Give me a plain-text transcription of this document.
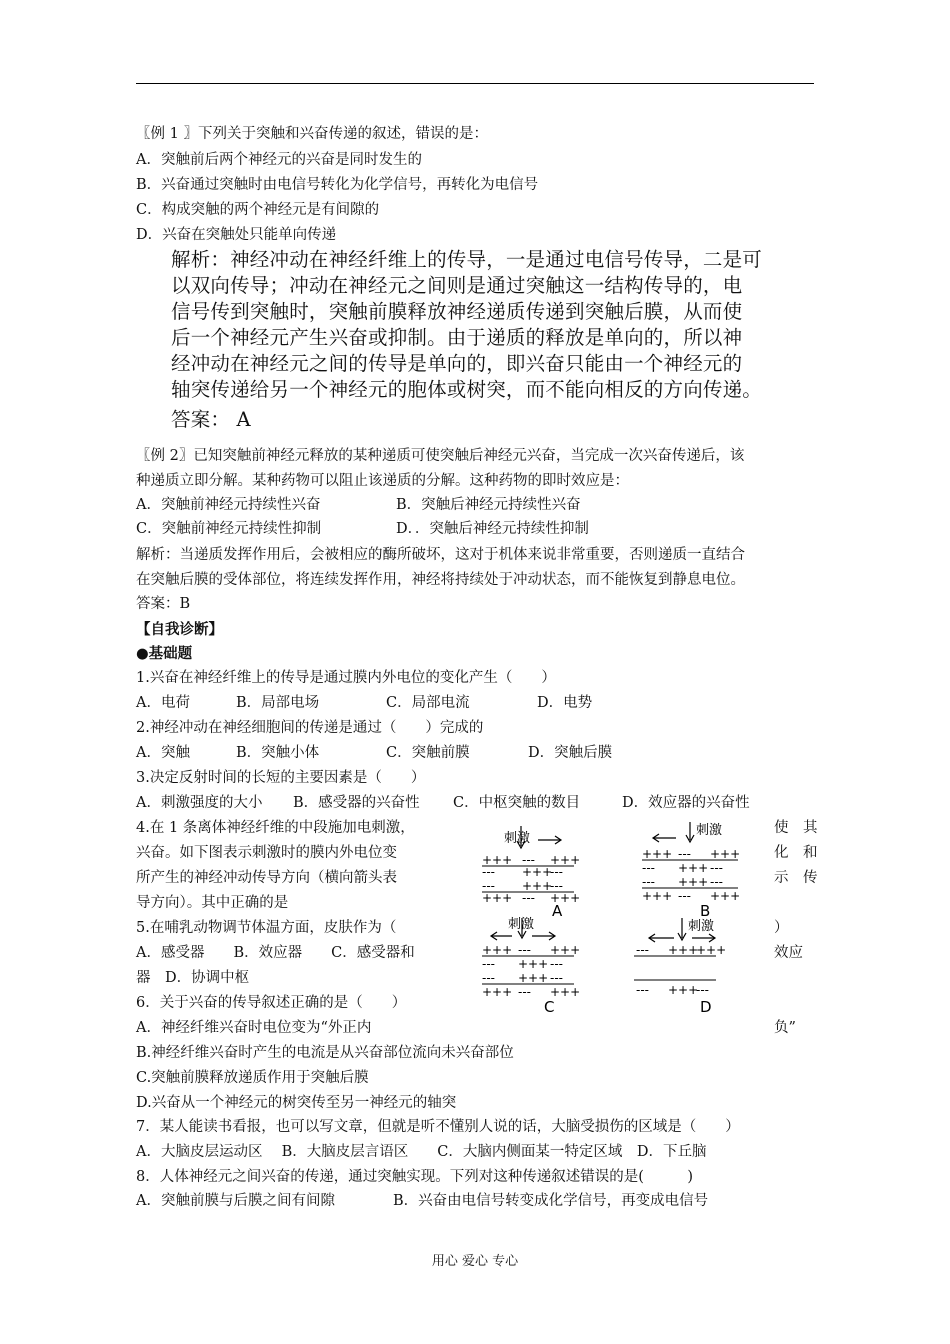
〖例 1 〗下列关于突触和兴奋传递的叙述，错误的是：
A．突触前后两个神经元的兴奋是同时发生的
B．兴奋通过突触时由电信号转化为化学信号，再转化为电信号
C．构成突触的两个神经元是有间隙的
D．兴奋在突触处只能单向传递
解析：神经冲动在神经纤维上的传导，一是通过电信号传导，二是可
以双向传导；冲动在神经元之间则是通过突触这一结构传导的，电
信号传到突触时，突触前膜释放神经递质传递到突触后膜，从而使
后一个神经元产生兴奋或抑制。由于递质的释放是单向的，所以神
经冲动在神经元之间的传导是单向的，即兴奋只能由一个神经元的
轴突传递给另一个神经元的胞体或树突，而不能向相反的方向传递。
答案： A
〖例 2〗已知突触前神经元释放的某种递质可使突触后神经元兴奋，当完成一次兴奋传递后，该
种递质立即分解。某种药物可以阻止该递质的分解。这种药物的即时效应是：
A．突触前神经元持续性兴奋	B．突触后神经元持续性兴奋
C．突触前神经元持续性抑制	D．．突触后神经元持续性抑制
解析：当递质发挥作用后，会被相应的酶所破坏，这对于机体来说非常重要，否则递质一直结合
在突触后膜的受体部位，将连续发挥作用，神经将持续处于冲动状态，而不能恢复到静息电位。
答案：B
【自我诊断】
●基础题
1.兴奋在神经纤维上的传导是通过膜内外电位的变化产生（　　）
A．电荷	B．局部电场	C．局部电流	D．电势
2.神经冲动在神经细胞间的传递是通过（　　）完成的
A．突触	B．突触小体	C．突触前膜	D．突触后膜
3.决定反射时间的长短的主要因素是（　　）
A．刺激强度的大小 B．感受器的兴奋性 C．中枢突触的数目	D．效应器的兴奋性
4.在 1 条离体神经纤维的中段施加电刺激，
兴奋。如下图表示刺激时的膜内外电位变
所产生的神经冲动传导方向（横向箭头表
导方向）。其中正确的是
使　其
化　和
示　传
5.在哺乳动物调节体温方面，皮肤作为（	）
A．感受器　　B．效应器　　C．感受器和	效应
器　D．协调中枢
6．关于兴奋的传导叙述正确的是（　　）
A．神经纤维兴奋时电位变为“外正内	负”
B.神经纤维兴奋时产生的电流是从兴奋部位流向未兴奋部位
C.突触前膜释放递质作用于突触后膜
D.兴奋从一个神经元的树突传至另一神经元的轴突
7．某人能读书看报，也可以写文章，但就是听不懂别人说的话，大脑受损伤的区域是（　　）
A．大脑皮层运动区　 B．大脑皮层言语区　　C．大脑内侧面某一特定区域　D．下丘脑
8．人体神经元之间兴奋的传递，通过突触实现。下列对这种传递叙述错误的是(　　　)
A．突触前膜与后膜之间有间隙　　　　B．兴奋由电信号转变成化学信号，再变成电信号
刺激
+++ --- +++
--- +++
---
--- +++
---
+++ --- +++
A
刺激
+++ --- +++
--- +++ ---
--- +++ ---
+++ --- +++
B
刺激
+++ --- +++
--- +++ ---
--- +++ ---
+++ --- +++
C
刺激
--- +++
+++
--- +++
---
D
用心 爱心 专心
